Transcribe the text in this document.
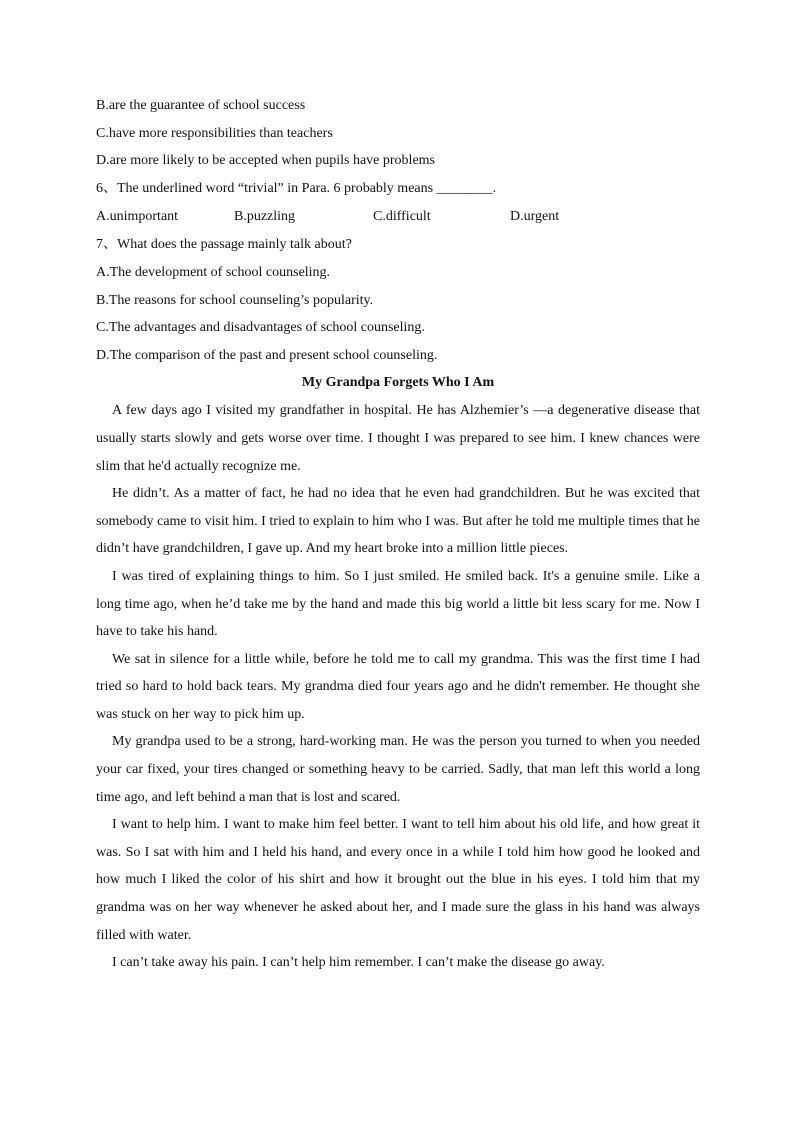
B.are the guarantee of school success
C.have more responsibilities than teachers
D.are more likely to be accepted when pupils have problems
6、The underlined word “trivial” in Para. 6 probably means ________.
A.unimportant	B.puzzling	C.difficult	D.urgent
7、What does the passage mainly talk about?
A.The development of school counseling.
B.The reasons for school counseling’s popularity.
C.The advantages and disadvantages of school counseling.
D.The comparison of the past and present school counseling.
My Grandpa Forgets Who I Am
A few days ago I visited my grandfather in hospital. He has Alzhemier’s —a degenerative disease that usually starts slowly and gets worse over time. I thought I was prepared to see him. I knew chances were slim that he'd actually recognize me.
He didn’t. As a matter of fact, he had no idea that he even had grandchildren. But he was excited that somebody came to visit him. I tried to explain to him who I was. But after he told me multiple times that he didn’t have grandchildren, I gave up. And my heart broke into a million little pieces.
I was tired of explaining things to him. So I just smiled. He smiled back. It's a genuine smile. Like a long time ago, when he’d take me by the hand and made this big world a little bit less scary for me. Now I have to take his hand.
We sat in silence for a little while, before he told me to call my grandma. This was the first time I had tried so hard to hold back tears. My grandma died four years ago and he didn't remember. He thought she was stuck on her way to pick him up.
My grandpa used to be a strong, hard-working man. He was the person you turned to when you needed your car fixed, your tires changed or something heavy to be carried. Sadly, that man left this world a long time ago, and left behind a man that is lost and scared.
I want to help him. I want to make him feel better. I want to tell him about his old life, and how great it was. So I sat with him and I held his hand, and every once in a while I told him how good he looked and how much I liked the color of his shirt and how it brought out the blue in his eyes. I told him that my grandma was on her way whenever he asked about her, and I made sure the glass in his hand was always filled with water.
I can’t take away his pain. I can’t help him remember. I can’t make the disease go away.
